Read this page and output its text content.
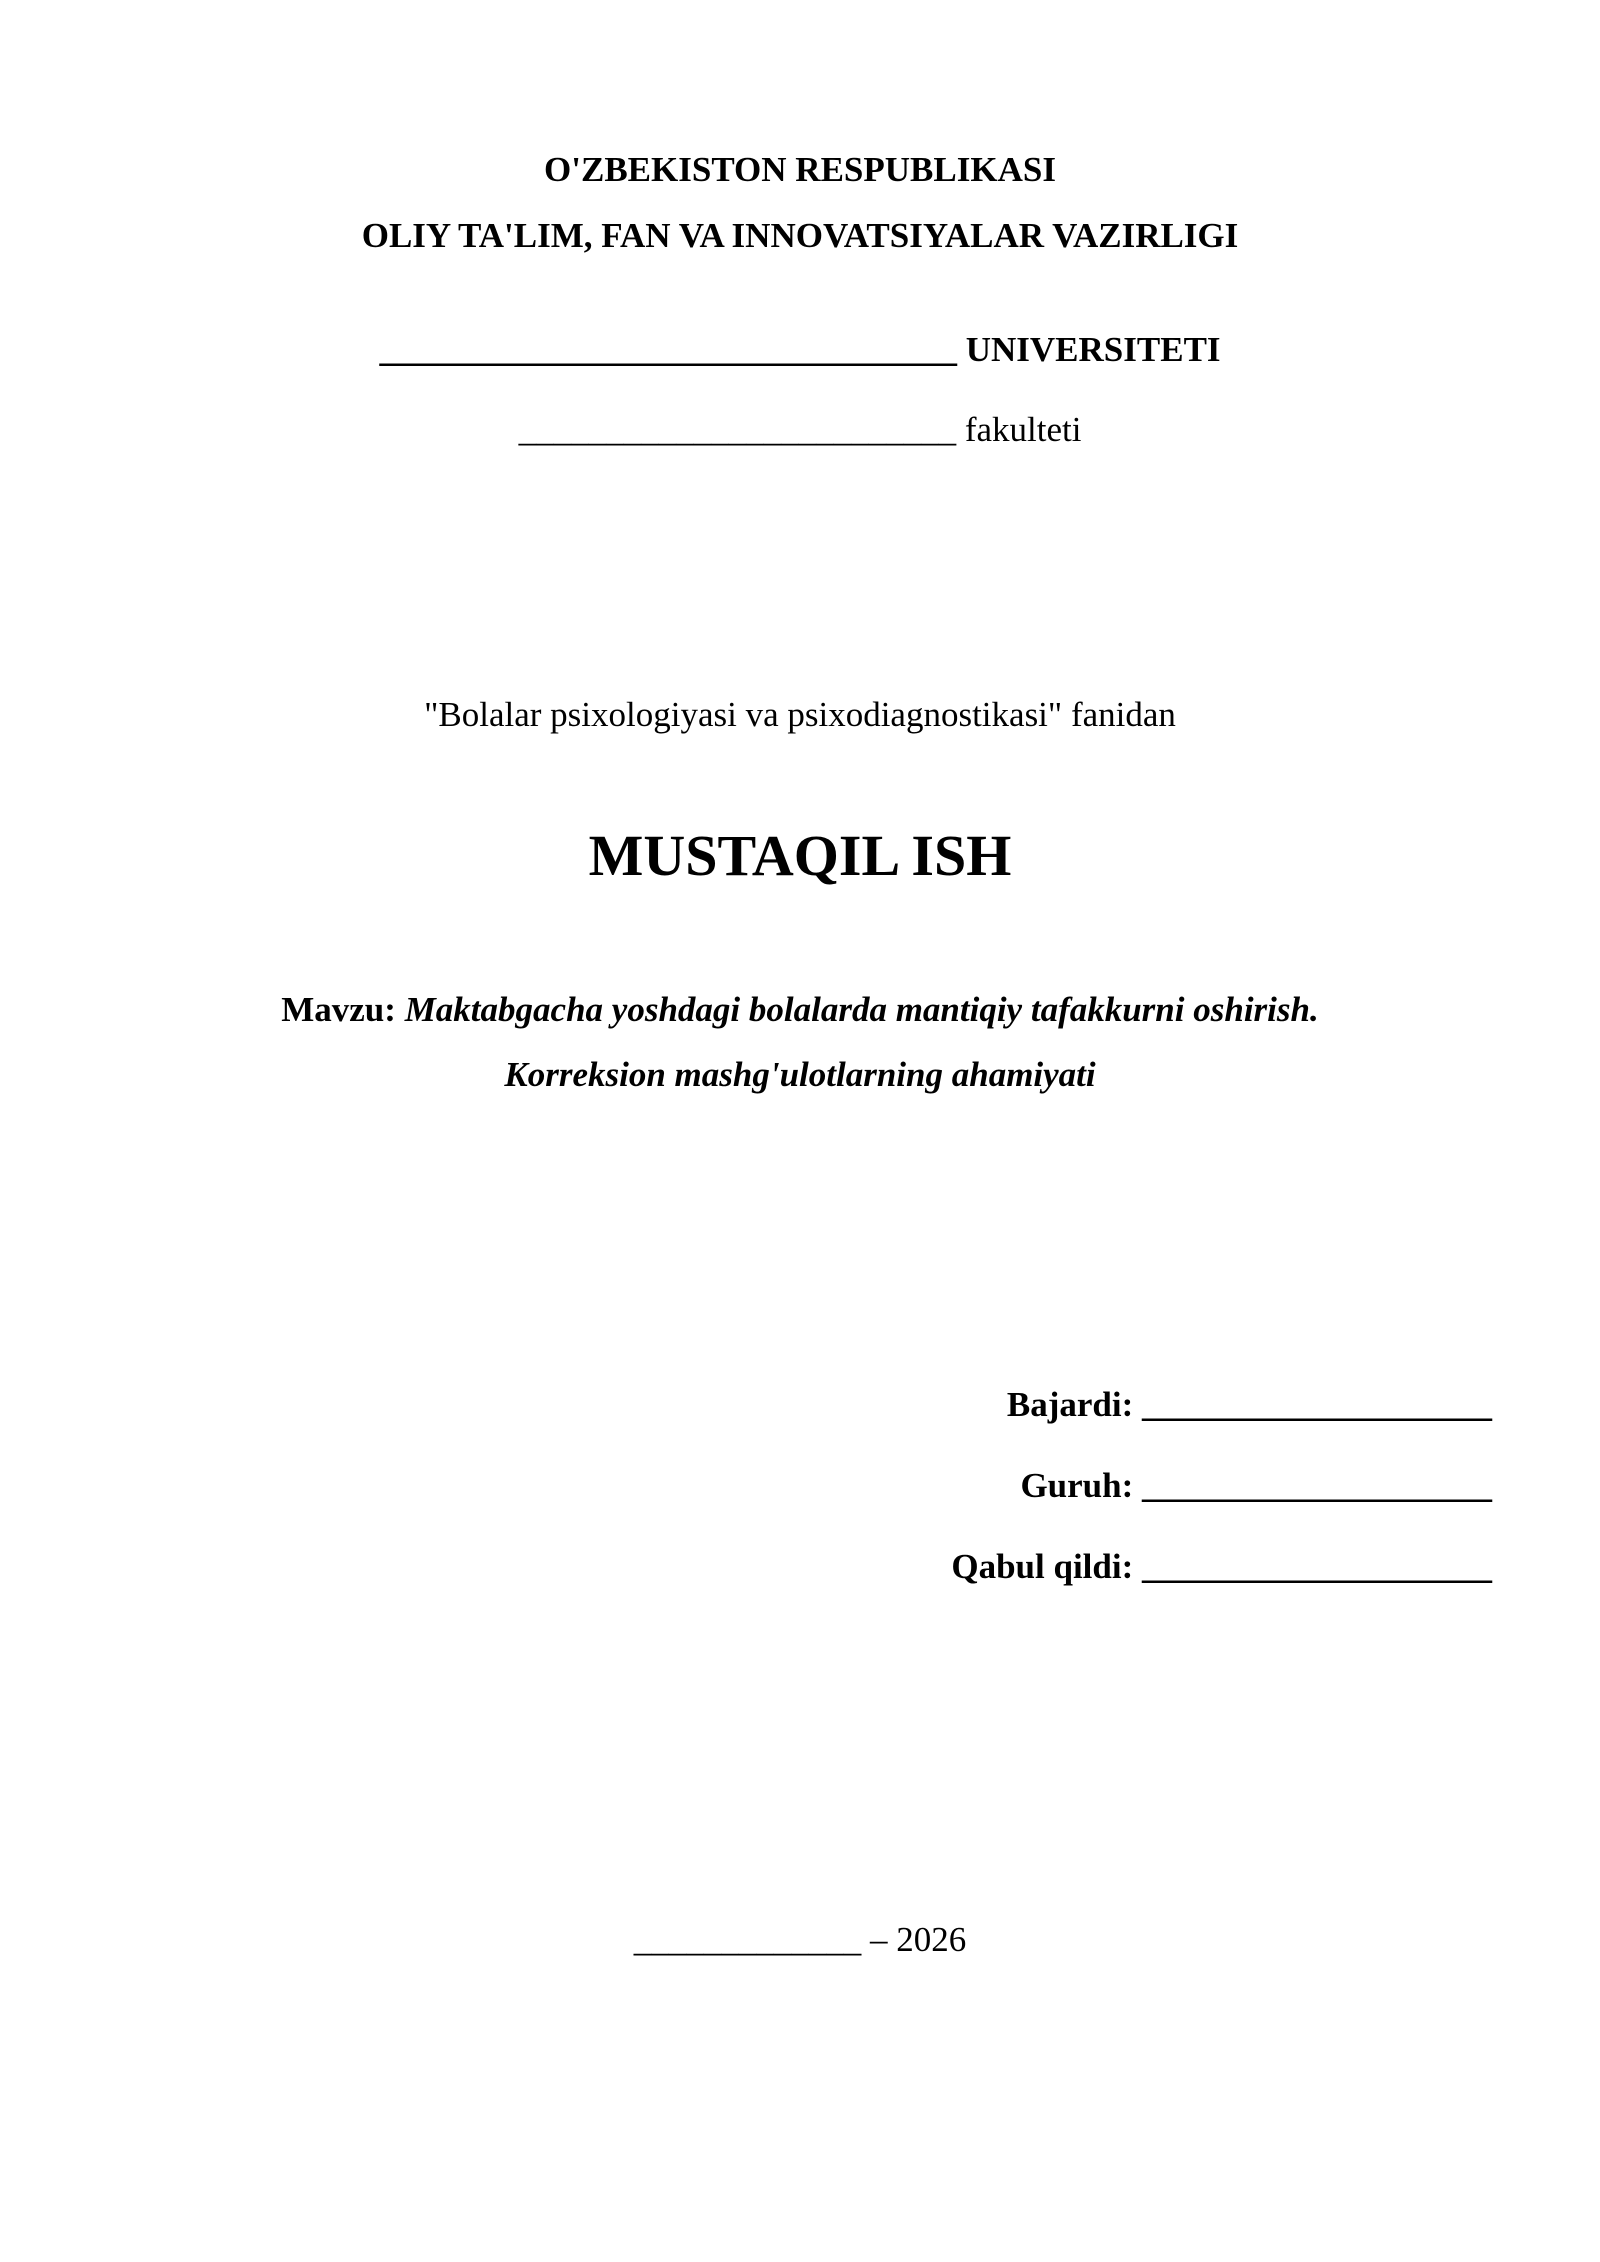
O'ZBEKISTON RESPUBLIKASI
OLIY TA'LIM, FAN VA INNOVATSIYALAR VAZIRLIGI
_________________________________ UNIVERSITETI
_________________________ fakulteti
"Bolalar psixologiyasi va psixodiagnostikasi" fanidan
MUSTAQIL ISH
Mavzu: Maktabgacha yoshdagi bolalarda mantiqiy tafakkurni oshirish.
Korreksion mashg'ulotlarning ahamiyati
Bajardi: ____________________
Guruh: ____________________
Qabul qildi: ____________________
_____________ – 2026
